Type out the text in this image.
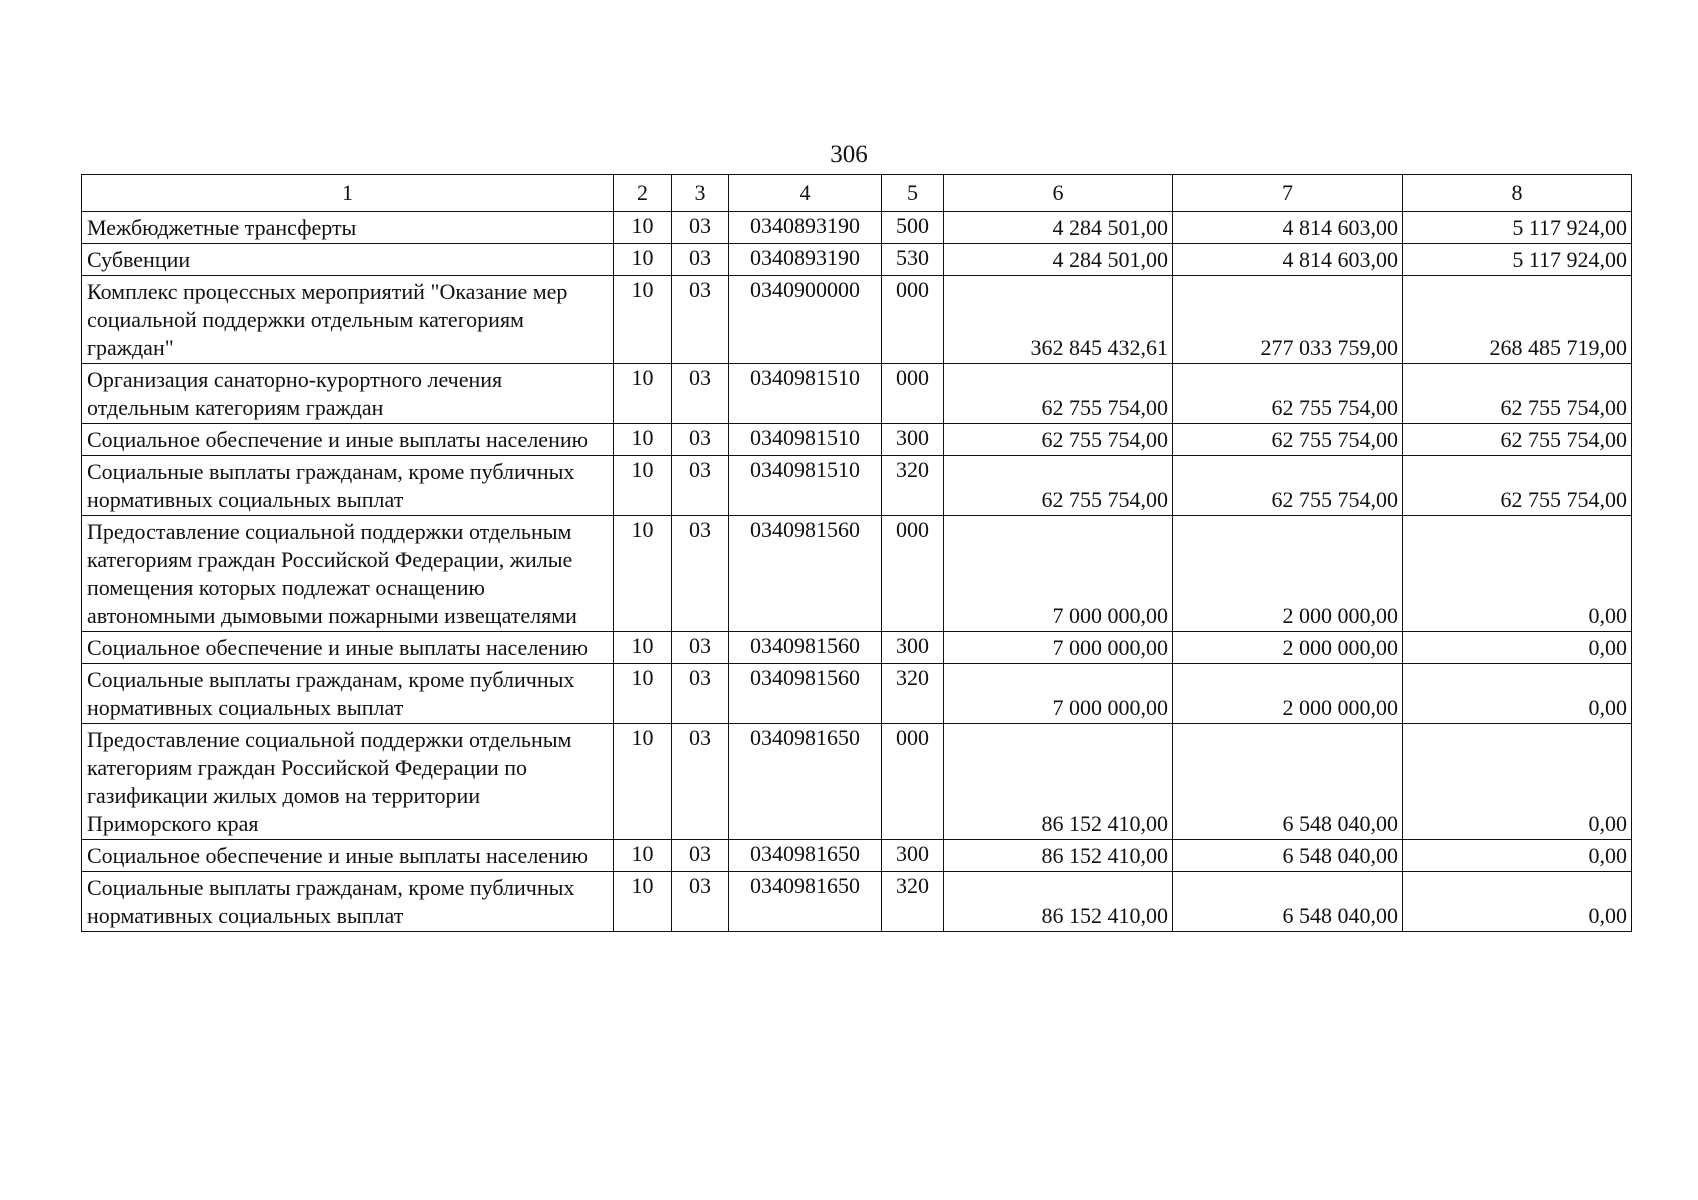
306
1	2	3	4	5	6	7	8
Межбюджетные трансферты	10	03	0340893190	500	4 284 501,00	4 814 603,00	5 117 924,00
Субвенции	10	03	0340893190	530	4 284 501,00	4 814 603,00	5 117 924,00
Комплекс процессных мероприятий "Оказание мер социальной поддержки отдельным категориям граждан"	10	03	0340900000	000	362 845 432,61	277 033 759,00	268 485 719,00
Организация санаторно-курортного лечения отдельным категориям граждан	10	03	0340981510	000	62 755 754,00	62 755 754,00	62 755 754,00
Социальное обеспечение и иные выплаты населению	10	03	0340981510	300	62 755 754,00	62 755 754,00	62 755 754,00
Социальные выплаты гражданам, кроме публичных нормативных социальных выплат	10	03	0340981510	320	62 755 754,00	62 755 754,00	62 755 754,00
Предоставление социальной поддержки отдельным категориям граждан Российской Федерации, жилые помещения которых подлежат оснащению автономными дымовыми пожарными извещателями	10	03	0340981560	000	7 000 000,00	2 000 000,00	0,00
Социальное обеспечение и иные выплаты населению	10	03	0340981560	300	7 000 000,00	2 000 000,00	0,00
Социальные выплаты гражданам, кроме публичных нормативных социальных выплат	10	03	0340981560	320	7 000 000,00	2 000 000,00	0,00
Предоставление социальной поддержки отдельным категориям граждан Российской Федерации по газификации жилых домов на территории Приморского края	10	03	0340981650	000	86 152 410,00	6 548 040,00	0,00
Социальное обеспечение и иные выплаты населению	10	03	0340981650	300	86 152 410,00	6 548 040,00	0,00
Социальные выплаты гражданам, кроме публичных нормативных социальных выплат	10	03	0340981650	320	86 152 410,00	6 548 040,00	0,00
